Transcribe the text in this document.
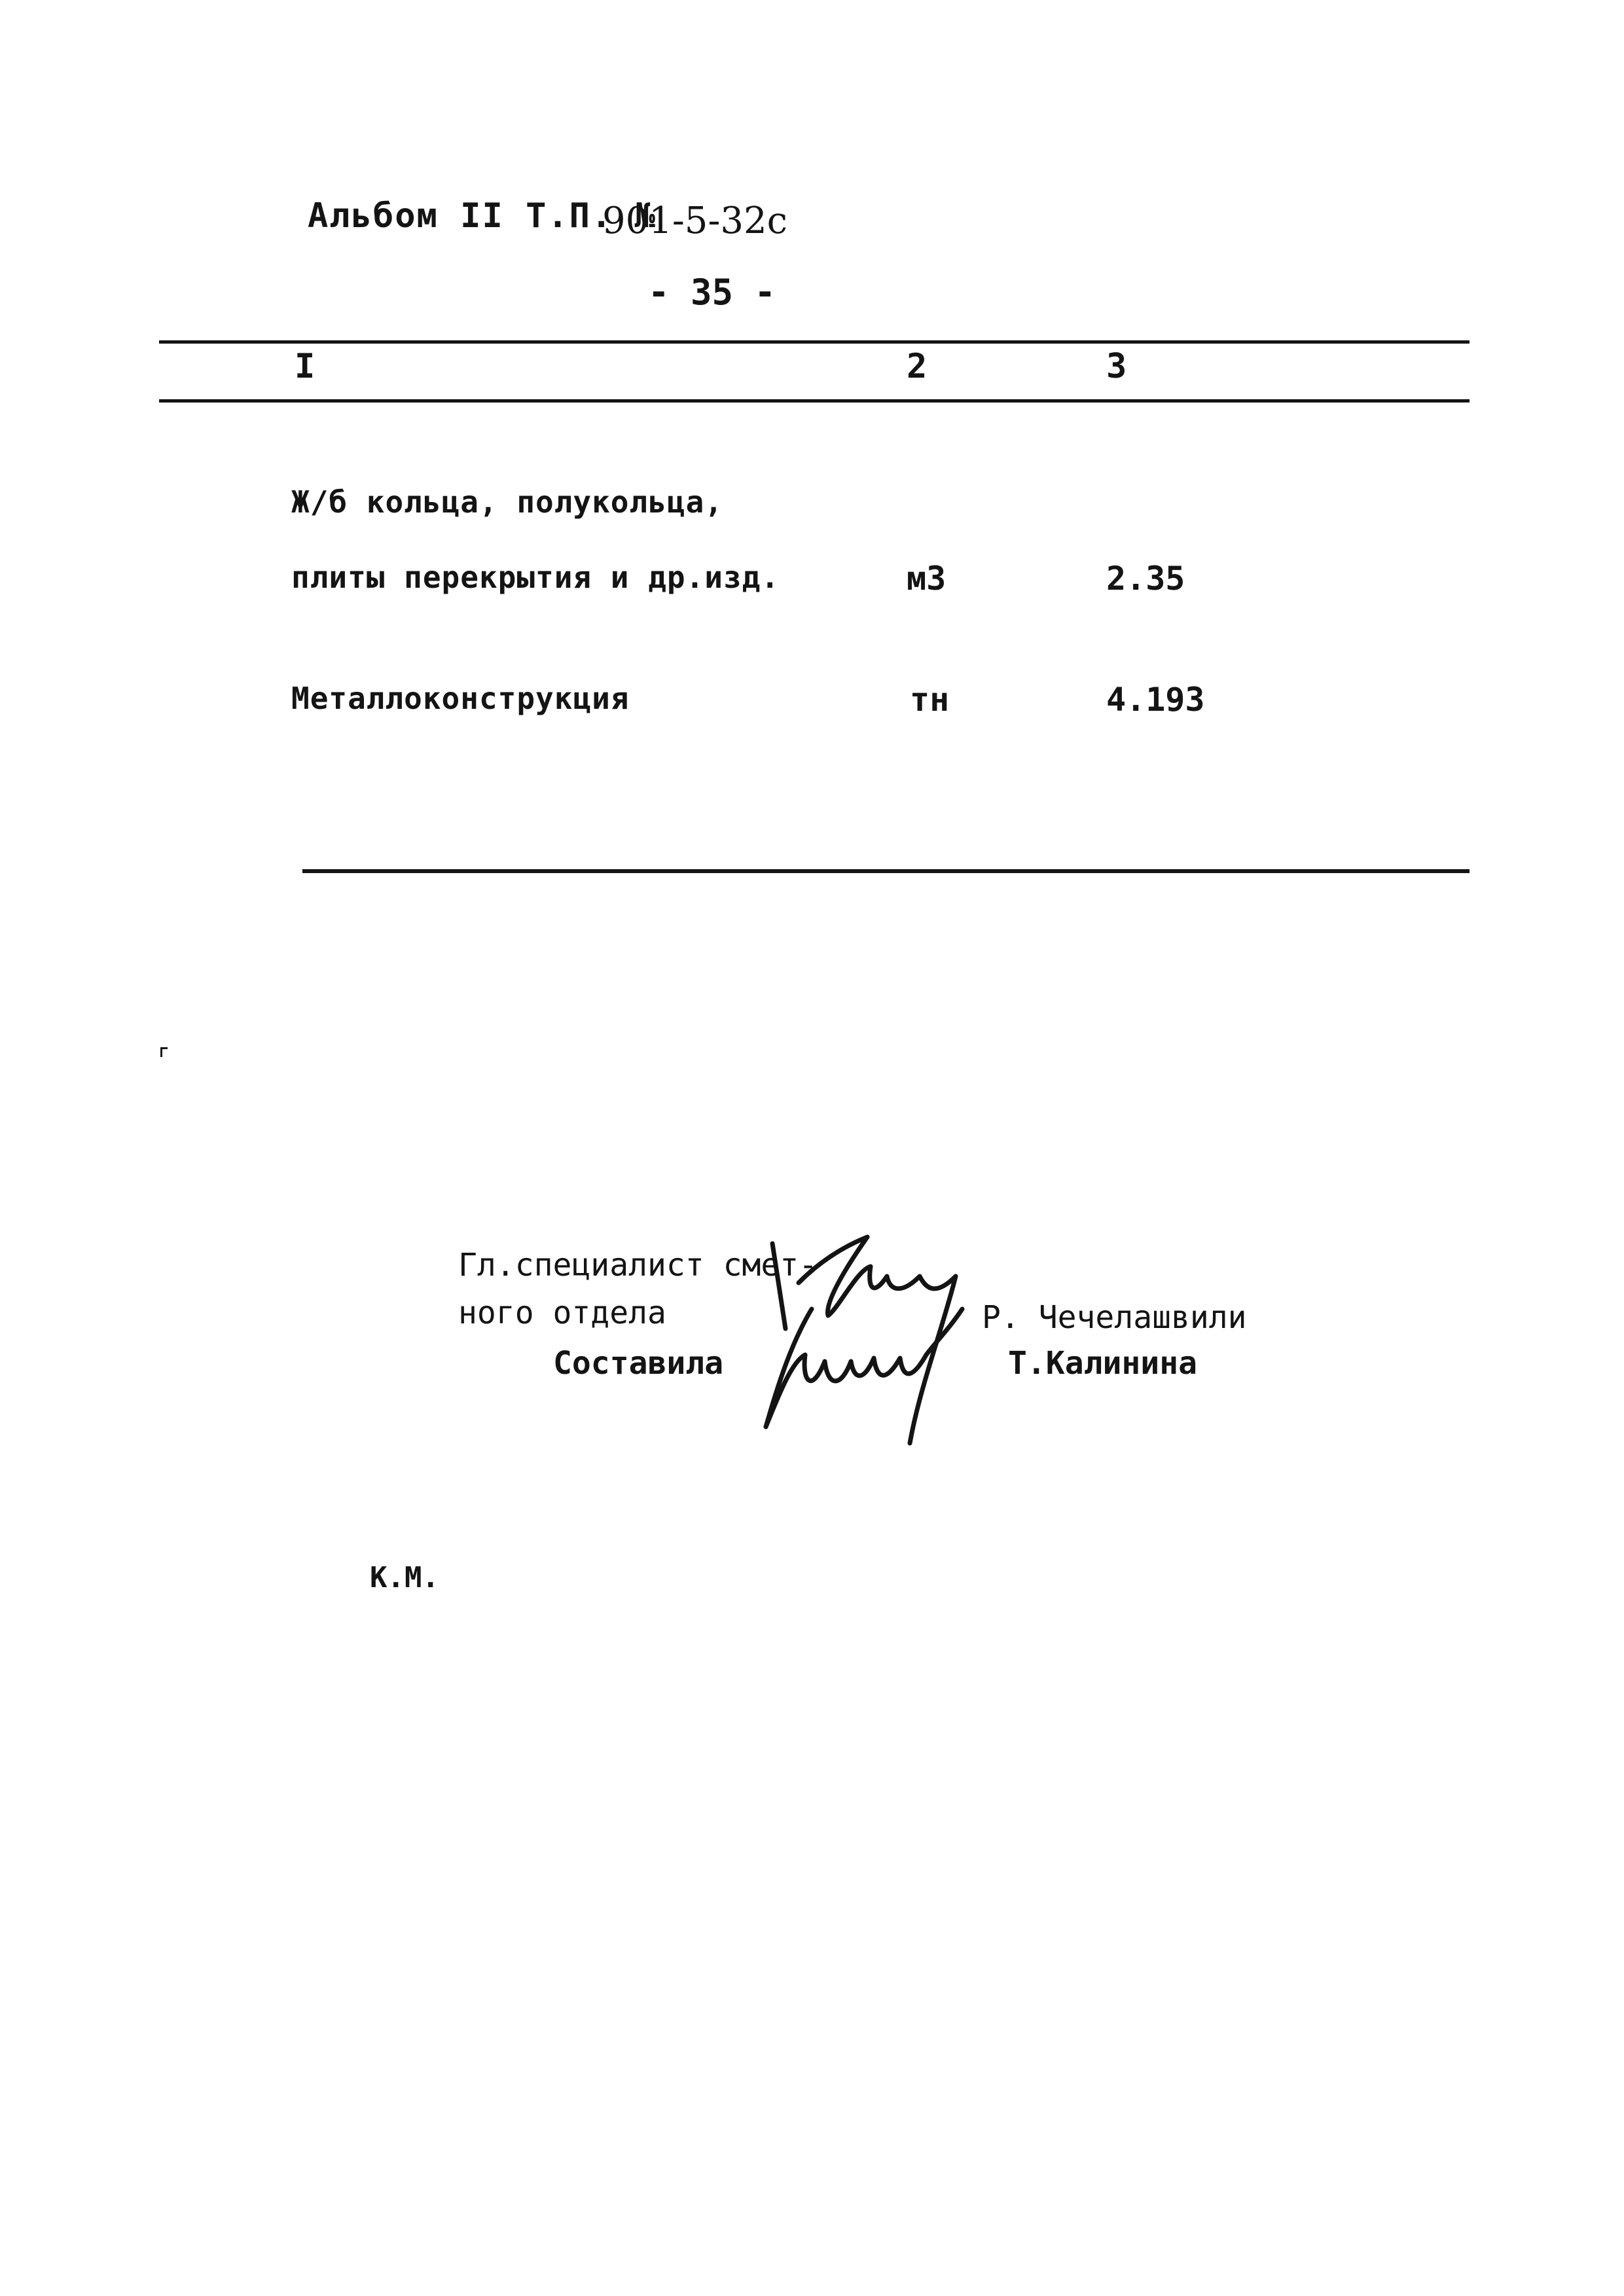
Альбом II Т.П. №
901-5-32с
- 35 -
I	2	3
Ж/б кольца, полукольца,
плиты перекрытия и др.изд.	м3	2.35
Металлоконструкция	тн	4.193
Гл.специалист смет-
ного отдела	Р. Чечелашвили
Составила	Т.Калинина
К.М.
